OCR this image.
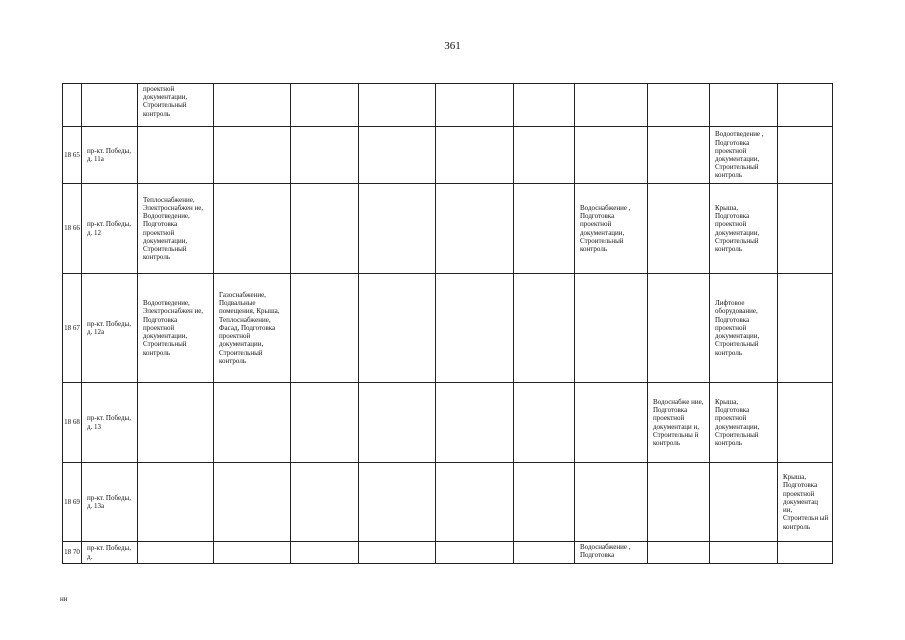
361
		проектной документации, Строительный контроль									
18 65	пр-кт. Победы, д. 11а									Водоотведение , Подготовка проектной документации, Строительный контроль	
18 66	пр-кт. Победы, д. 12	Теплоснабжение, Электроснабжен ие, Водоотведение, Подготовка проектной документации, Строительный контроль						Водоснабжение , Подготовка проектной документации, Строительный контроль		Крыша, Подготовка проектной документации, Строительный контроль	
18 67	пр-кт. Победы, д. 12а	Водоотведение, Электроснабжен ие, Подготовка проектной документации, Строительный контроль	Газоснабжение, Подвальные помещения, Крыша, Теплоснабжение, Фасад, Подготовка проектной документации, Строительный контроль							Лифтовое оборудование, Подготовка проектной документации, Строительный контроль	
18 68	пр-кт. Победы, д. 13								Водоснабже ние, Подготовка проектной документаци и, Строительны й контроль	Крыша, Подготовка проектной документации, Строительный контроль	
18 69	пр-кт. Победы, д. 13а										Крыша, Подготовка проектной документац ии, Строительн ый контроль
18 70	пр-кт. Победы, д.							Водоснабжение , Подготовка			
нн
